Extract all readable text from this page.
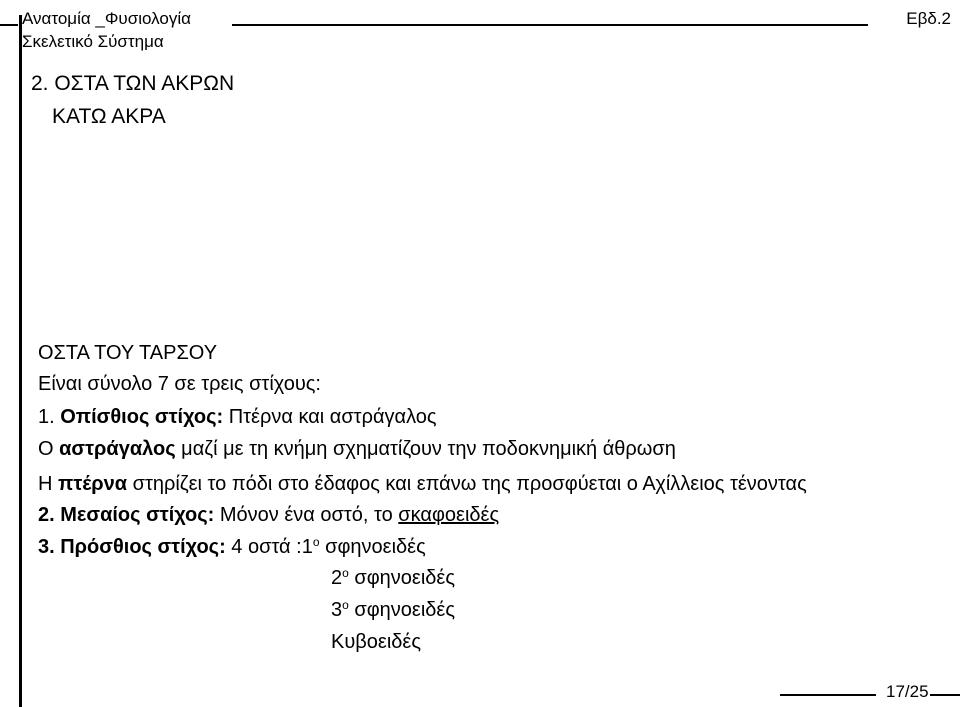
Ανατομία _Φυσιολογία
Σκελετικό Σύστημα
Εβδ.2
2. ΟΣΤΑ ΤΩΝ ΑΚΡΩΝ
ΚΑΤΩ ΑΚΡΑ
ΟΣΤΑ ΤΟΥ ΤΑΡΣΟΥ
Είναι σύνολο 7 σε τρεις στίχους:
1. Οπίσθιος στίχος: Πτέρνα και αστράγαλος
Ο αστράγαλος μαζί με τη κνήμη σχηματίζουν την ποδοκνημική άθρωση
Η πτέρνα στηρίζει το πόδι στο έδαφος και επάνω της προσφύεται ο Αχίλλειος τένοντας
2. Μεσαίος στίχος: Μόνον ένα οστό, το σκαφοειδές
3. Πρόσθιος στίχος: 4 οστά $:1^o$ σφηνοειδές
$2^o$ σφηνοειδές
$3^o$ σφηνοειδές
Κυβοειδές
17/25
